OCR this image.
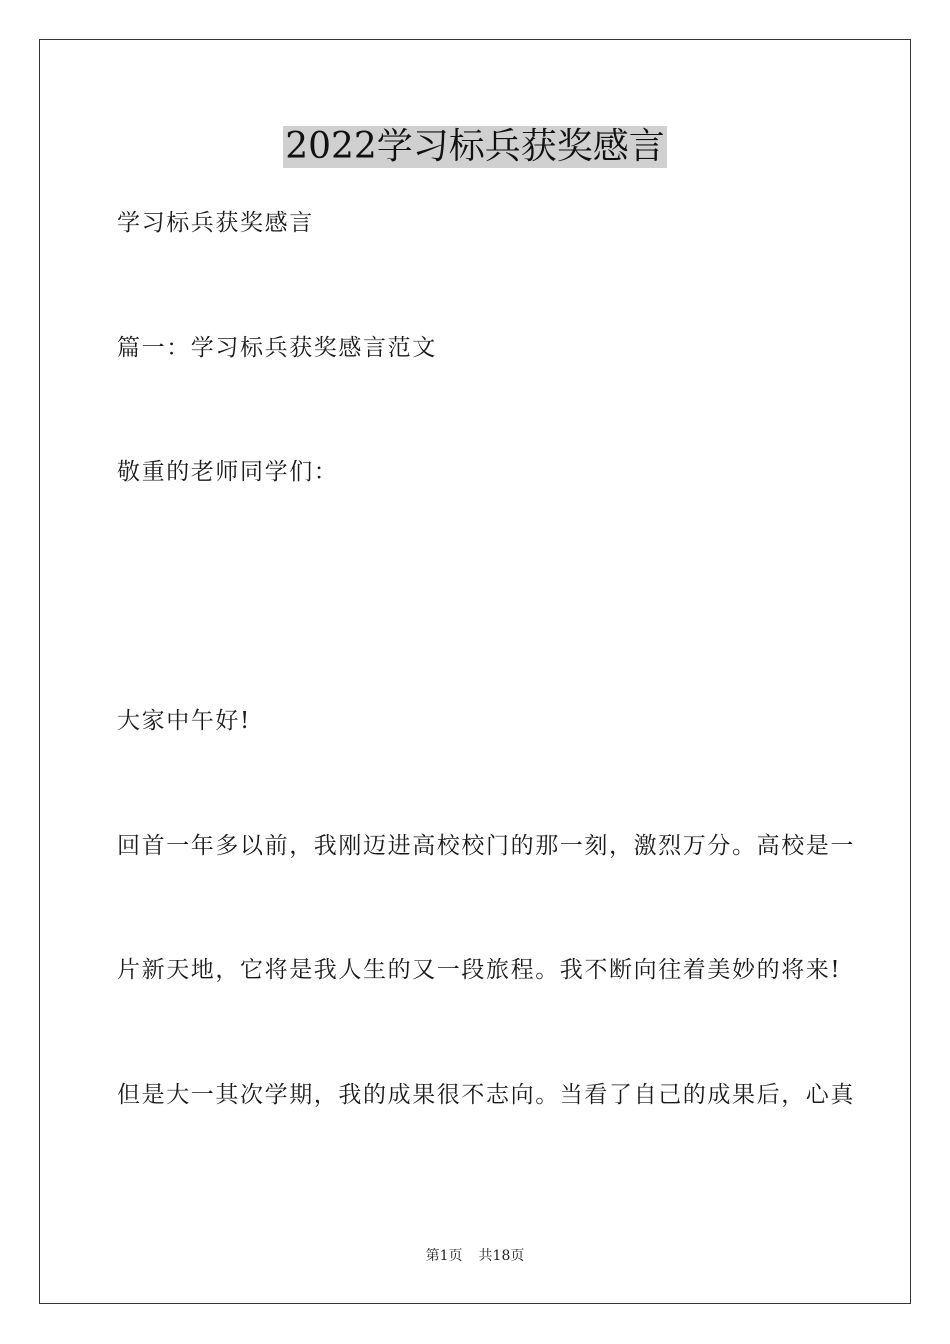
2022学习标兵获奖感言
学习标兵获奖感言
篇一：学习标兵获奖感言范文
敬重的老师同学们：
大家中午好!
回首一年多以前，我刚迈进高校校门的那一刻，激烈万分。高校是一
片新天地，它将是我人生的又一段旅程。我不断向往着美妙的将来!
但是大一其次学期，我的成果很不志向。当看了自己的成果后，心真
第1页 共18页
